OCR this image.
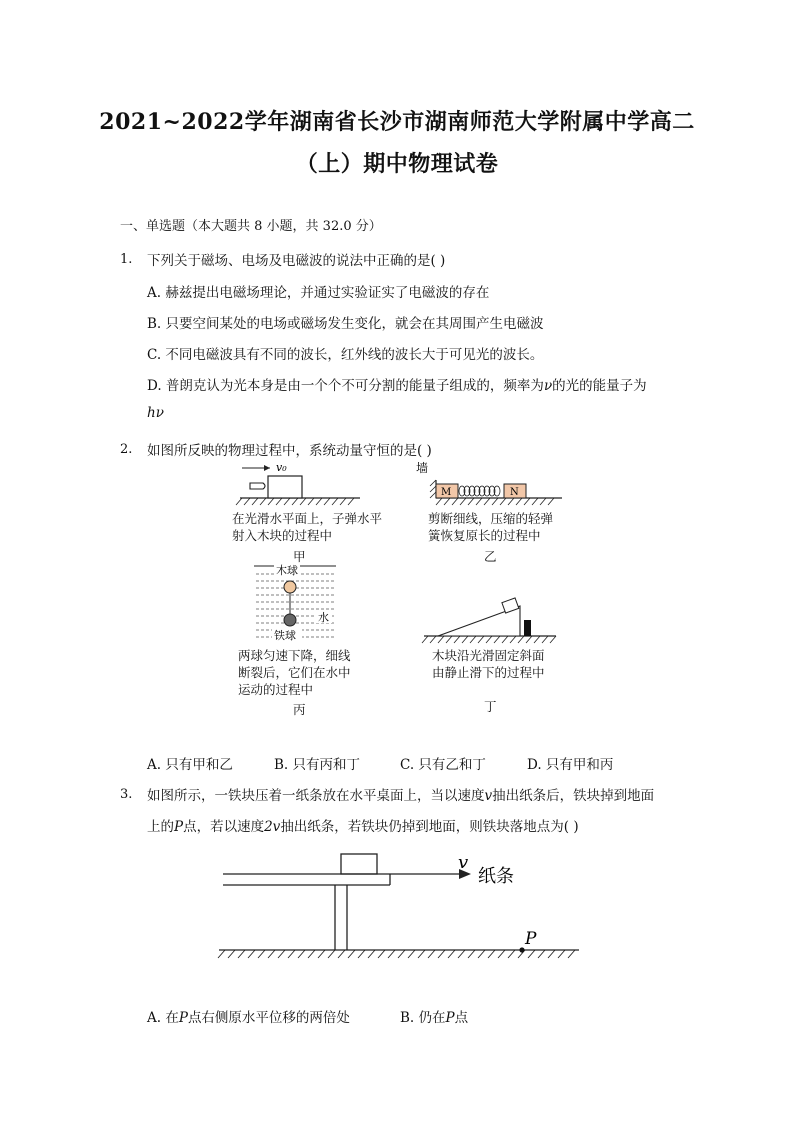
2021~2022学年湖南省长沙市湖南师范大学附属中学高二
（上）期中物理试卷
一、单选题（本大题共 8 小题，共 32.0 分）
1. 下列关于磁场、电场及电磁波的说法中正确的是( )
A. 赫兹提出电磁场理论，并通过实验证实了电磁波的存在
B. 只要空间某处的电场或磁场发生变化，就会在其周围产生电磁波
C. 不同电磁波具有不同的波长，红外线的波长大于可见光的波长。
D. 普朗克认为光本身是由一个个不可分割的能量子组成的，频率为ν的光的能量子为
hν
2. 如图所反映的物理过程中，系统动量守恒的是( )
v₀
在光滑水平面上，子弹水平
射入木块的过程中
甲
墙
M	N
剪断细线，压缩的轻弹
簧恢复原长的过程中
乙
木球
水
铁球
两球匀速下降，细线
断裂后，它们在水中
运动的过程中
丙
木块沿光滑固定斜面
由静止滑下的过程中
丁
A. 只有甲和乙	B. 只有丙和丁	C. 只有乙和丁	D. 只有甲和丙
3. 如图所示，一铁块压着一纸条放在水平桌面上，当以速度v抽出纸条后，铁块掉到地面
上的P点，若以速度2v抽出纸条，若铁块仍掉到地面，则铁块落地点为( )
v
纸条
P
A. 在P点右侧原水平位移的两倍处	B. 仍在P点
